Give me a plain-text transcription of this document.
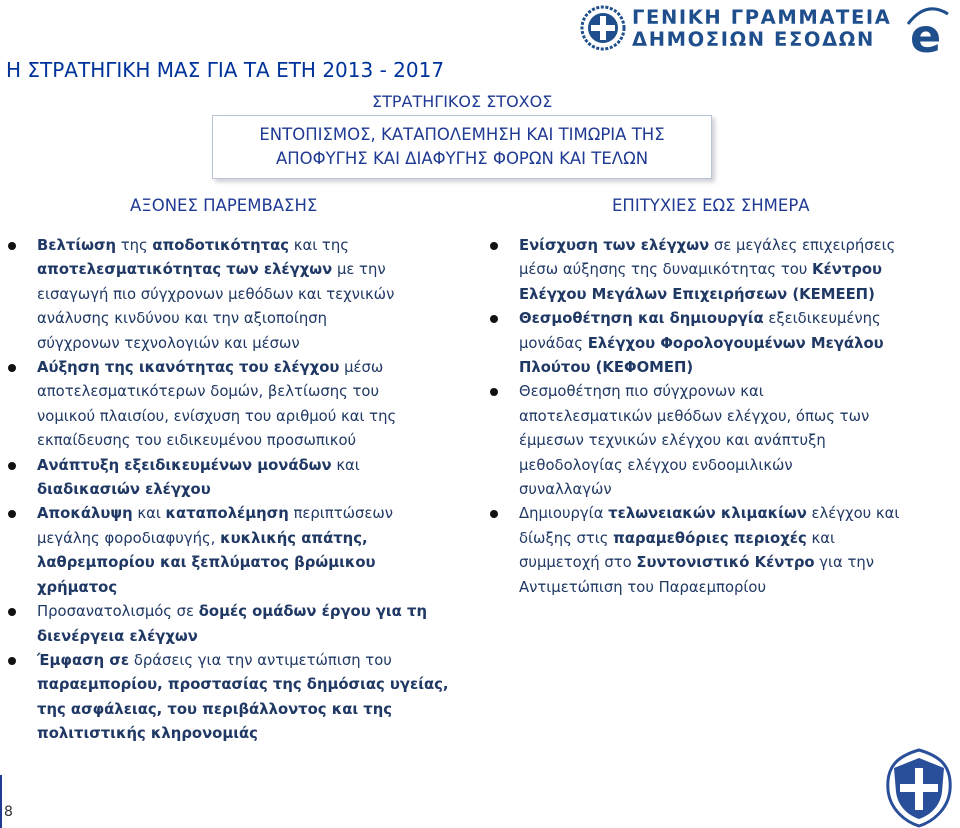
ΓΕΝΙΚΗ ΓΡΑΜΜΑΤΕΙΑ
ΔΗΜΟΣΙΩΝ ΕΣΟΔΩΝ e
Η ΣΤΡΑΤΗΓΙΚΗ ΜΑΣ ΓΙΑ ΤΑ ΕΤΗ 2013 - 2017
ΣΤΡΑΤΗΓΙΚΟΣ ΣΤΟΧΟΣ
ΕΝΤΟΠΙΣΜΟΣ, ΚΑΤΑΠΟΛΕΜΗΣΗ ΚΑΙ ΤΙΜΩΡΙΑ ΤΗΣ
ΑΠΟΦΥΓΗΣ ΚΑΙ ΔΙΑΦΥΓΗΣ ΦΟΡΩΝ ΚΑΙ ΤΕΛΩΝ
ΑΞΟΝΕΣ ΠΑΡΕΜΒΑΣΗΣ	ΕΠΙΤΥΧΙΕΣ ΕΩΣ ΣΗΜΕΡΑ
Βελτίωση της αποδοτικότητας και της
αποτελεσματικότητας των ελέγχων με την
εισαγωγή πιο σύγχρονων μεθόδων και τεχνικών
ανάλυσης κινδύνου και την αξιοποίηση
σύγχρονων τεχνολογιών και μέσων
Αύξηση της ικανότητας του ελέγχου μέσω
αποτελεσματικότερων δομών, βελτίωσης του
νομικού πλαισίου, ενίσχυση του αριθμού και της
εκπαίδευσης του ειδικευμένου προσωπικού
Ανάπτυξη εξειδικευμένων μονάδων και
διαδικασιών ελέγχου
Αποκάλυψη και καταπολέμηση περιπτώσεων
μεγάλης φοροδιαφυγής, κυκλικής απάτης,
λαθρεμπορίου και ξεπλύματος βρώμικου
χρήματος
Προσανατολισμός σε δομές ομάδων έργου για τη
διενέργεια ελέγχων
Έμφαση σε δράσεις για την αντιμετώπιση του
παραεμπορίου, προστασίας της δημόσιας υγείας,
της ασφάλειας, του περιβάλλοντος και της
πολιτιστικής κληρονομιάς
Ενίσχυση των ελέγχων σε μεγάλες επιχειρήσεις
μέσω αύξησης της δυναμικότητας του Κέντρου
Ελέγχου Μεγάλων Επιχειρήσεων (ΚΕΜΕΕΠ)
Θεσμοθέτηση και δημιουργία εξειδικευμένης
μονάδας Ελέγχου Φορολογουμένων Μεγάλου
Πλούτου (ΚΕΦΟΜΕΠ)
Θεσμοθέτηση πιο σύγχρονων και
αποτελεσματικών μεθόδων ελέγχου, όπως των
έμμεσων τεχνικών ελέγχου και ανάπτυξη
μεθοδολογίας ελέγχου ενδοομιλικών
συναλλαγών
Δημιουργία τελωνειακών κλιμακίων ελέγχου και
δίωξης στις παραμεθόριες περιοχές και
συμμετοχή στο Συντονιστικό Κέντρο για την
Αντιμετώπιση του Παραεμπορίου
8
